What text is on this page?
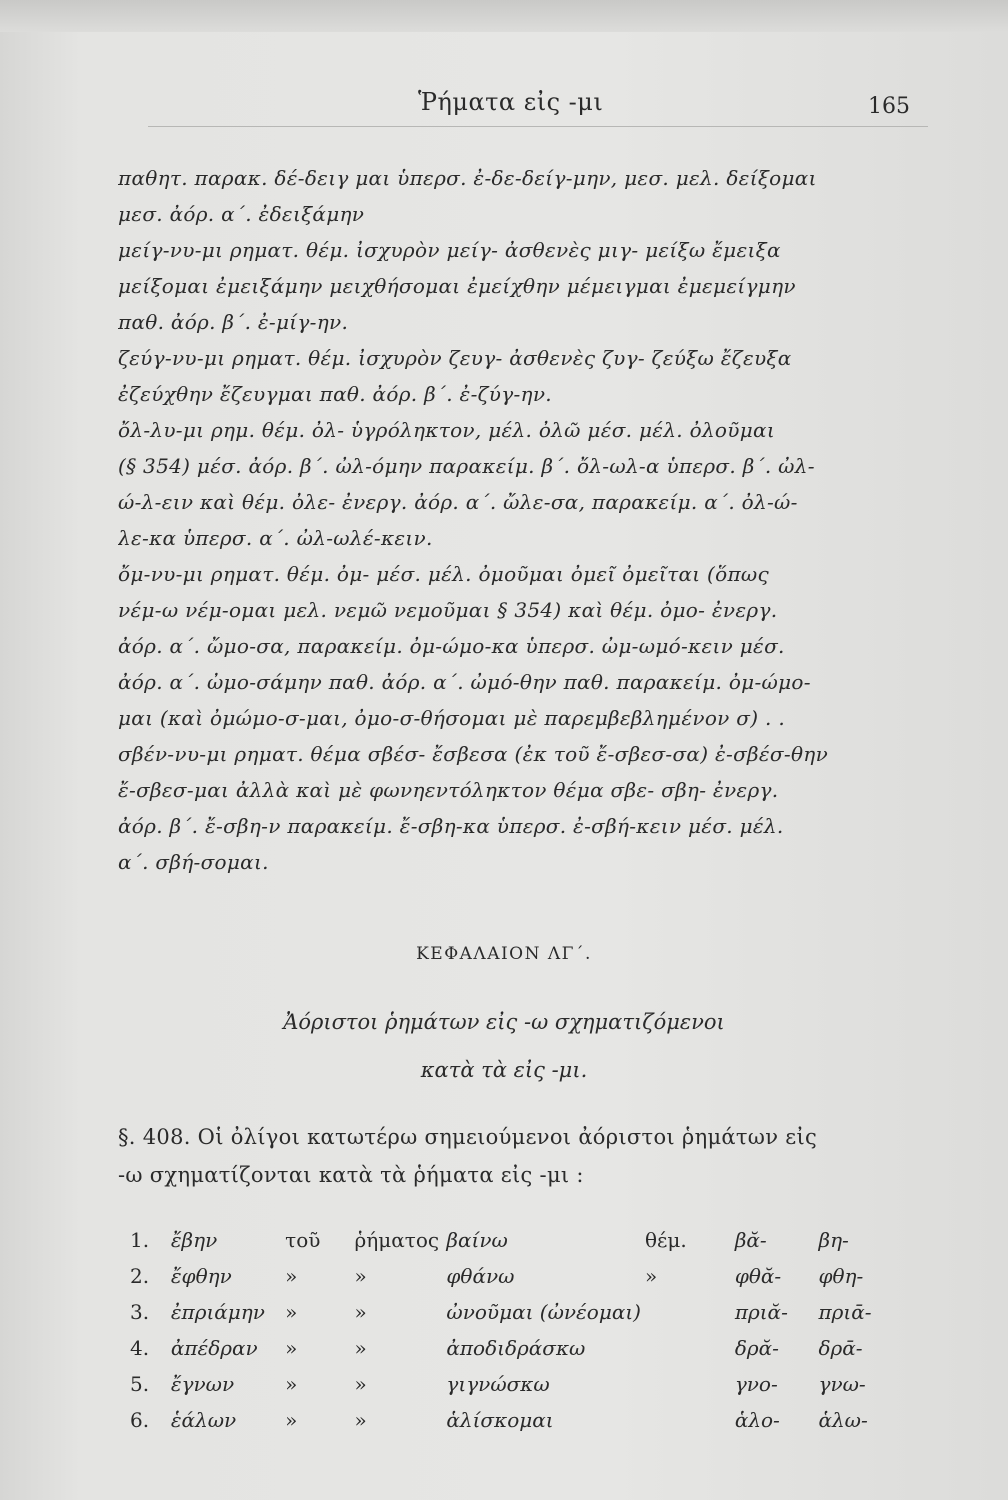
Ῥήματα εἰς -μι	165
παθητ. παρακ. δέ-δειγ μαι ὑπερσ. ἐ-δε-δείγ-μην, μεσ. μελ. δείξομαι
μεσ. ἀόρ. α΄. ἐδειξάμην
μείγ-νυ-μι ρηματ. θέμ. ἰσχυρὸν μείγ- ἀσθενὲς μιγ- μείξω ἔμειξα
μείξομαι ἐμειξάμην μειχθήσομαι ἐμείχθην μέμειγμαι ἐμεμείγμην
παθ. ἀόρ. β΄. ἐ-μίγ-ην.
ζεύγ-νυ-μι ρηματ. θέμ. ἰσχυρὸν ζευγ- ἀσθενὲς ζυγ- ζεύξω ἔζευξα
ἐζεύχθην ἔζευγμαι παθ. ἀόρ. β΄. ἐ-ζύγ-ην.
ὄλ-λυ-μι ρημ. θέμ. ὀλ- ὑγρόληκτον, μέλ. ὀλῶ μέσ. μέλ. ὀλοῦμαι
(§ 354) μέσ. ἀόρ. β΄. ὠλ-όμην παρακείμ. β΄. ὄλ-ωλ-α ὑπερσ. β΄. ὠλ-
ώ-λ-ειν καὶ θέμ. ὀλε- ἐνεργ. ἀόρ. α΄. ὤλε-σα, παρακείμ. α΄. ὀλ-ώ-
λε-κα ὑπερσ. α΄. ὠλ-ωλέ-κειν.
ὄμ-νυ-μι ρηματ. θέμ. ὀμ- μέσ. μέλ. ὀμοῦμαι ὀμεῖ ὀμεῖται (ὅπως
νέμ-ω νέμ-ομαι μελ. νεμῶ νεμοῦμαι § 354) καὶ θέμ. ὀμο- ἐνεργ.
ἀόρ. α΄. ὤμο-σα, παρακείμ. ὀμ-ώμο-κα ὑπερσ. ὠμ-ωμό-κειν μέσ.
ἀόρ. α΄. ὠμο-σάμην παθ. ἀόρ. α΄. ὠμό-θην παθ. παρακείμ. ὀμ-ώμο-
μαι (καὶ ὀμώμο-σ-μαι, ὀμο-σ-θήσομαι μὲ παρεμβεβλημένον σ) . .
σβέν-νυ-μι ρηματ. θέμα σβέσ- ἔσβεσα (ἐκ τοῦ ἔ-σβεσ-σα) ἐ-σβέσ-θην
ἔ-σβεσ-μαι ἀλλὰ καὶ μὲ φωνηεντόληκτον θέμα σβε- σβη- ἐνεργ.
ἀόρ. β΄. ἔ-σβη-ν παρακείμ. ἔ-σβη-κα ὑπερσ. ἐ-σβή-κειν μέσ. μέλ.
α΄. σβή-σομαι.
ΚΕΦΑΛΑΙΟΝ ΛΓ΄.
Ἀόριστοι ῥημάτων εἰς -ω σχηματιζόμενοι
κατὰ τὰ εἰς -μι.
§. 408. Οἱ ὀλίγοι κατωτέρω σημειούμενοι ἀόριστοι ῥημάτων εἰς
-ω σχηματίζονται κατὰ τὰ ῥήματα εἰς -μι :
1.	ἔβην	τοῦ	ῥήματος	βαίνω	θέμ.	βᾰ-	βη-
2.	ἔφθην	»	»	φθάνω	»	φθᾰ-	φθη-
3.	ἐπριάμην	»	»	ὠνοῦμαι (ὠνέομαι)		πριᾰ-	πριᾱ-
4.	ἀπέδραν	»	»	ἀποδιδράσκω		δρᾰ-	δρᾱ-
5.	ἔγνων	»	»	γιγνώσκω		γνο-	γνω-
6.	ἑάλων	»	»	ἁλίσκομαι		ἁλο-	ἁλω-
